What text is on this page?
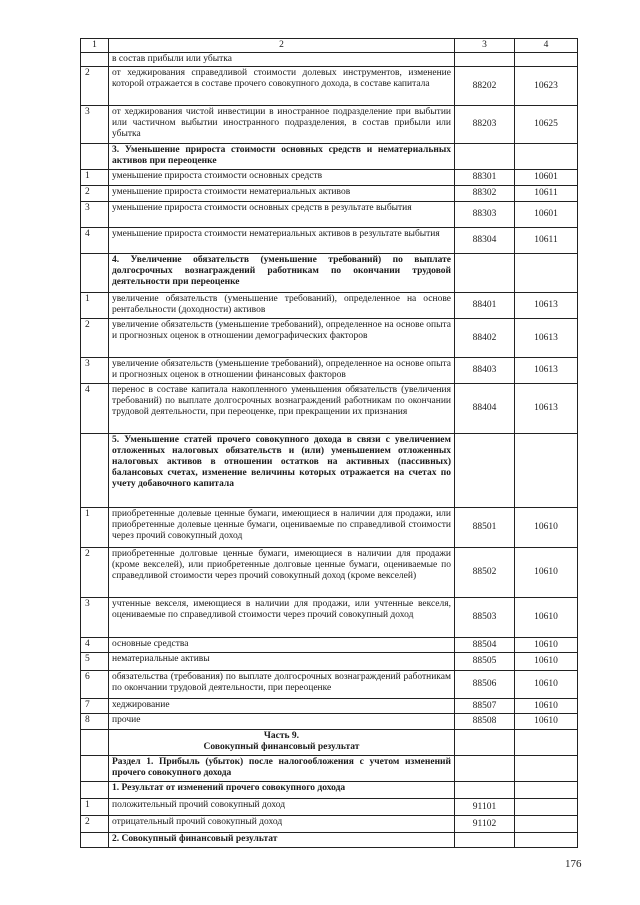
1	2	3	4
	в состав прибыли или убытка		
2	от хеджирования справедливой стоимости долевых инструментов, изменение которой отражается в составе прочего совокупного дохода, в составе капитала	88202	10623
3	от хеджирования чистой инвестиции в иностранное подразделение при выбытии или частичном выбытии иностранного подразделения, в состав прибыли или убытка	88203	10625
	3. Уменьшение прироста стоимости основных средств и нематериальных активов при переоценке		
1	уменьшение прироста стоимости основных средств	88301	10601
2	уменьшение прироста стоимости нематериальных активов	88302	10611
3	уменьшение прироста стоимости основных средств в результате выбытия	88303	10601
4	уменьшение прироста стоимости нематериальных активов в результате выбытия	88304	10611
	4. Увеличение обязательств (уменьшение требований) по выплате долгосрочных вознаграждений работникам по окончании трудовой деятельности при переоценке		
1	увеличение обязательств (уменьшение требований), определенное на основе рентабельности (доходности) активов	88401	10613
2	увеличение обязательств (уменьшение требований), определенное на основе опыта и прогнозных оценок в отношении демографических факторов	88402	10613
3	увеличение обязательств (уменьшение требований), определенное на основе опыта и прогнозных оценок в отношении финансовых факторов	88403	10613
4	перенос в составе капитала накопленного уменьшения обязательств (увеличения требований) по выплате долгосрочных вознаграждений работникам по окончании трудовой деятельности, при переоценке, при прекращении их признания	88404	10613
	5. Уменьшение статей прочего совокупного дохода в связи с увеличением отложенных налоговых обязательств и (или) уменьшением отложенных налоговых активов в отношении остатков на активных (пассивных) балансовых счетах, изменение величины которых отражается на счетах по учету добавочного капитала		
1	приобретенные долевые ценные бумаги, имеющиеся в наличии для продажи, или приобретенные долевые ценные бумаги, оцениваемые по справедливой стоимости через прочий совокупный доход	88501	10610
2	приобретенные долговые ценные бумаги, имеющиеся в наличии для продажи (кроме векселей), или приобретенные долговые ценные бумаги, оцениваемые по справедливой стоимости через прочий совокупный доход (кроме векселей)	88502	10610
3	учтенные векселя, имеющиеся в наличии для продажи, или учтенные векселя, оцениваемые по справедливой стоимости через прочий совокупный доход	88503	10610
4	основные средства	88504	10610
5	нематериальные активы	88505	10610
6	обязательства (требования) по выплате долгосрочных вознаграждений работникам по окончании трудовой деятельности, при переоценке	88506	10610
7	хеджирование	88507	10610
8	прочие	88508	10610
	Часть 9.
Совокупный финансовый результат		
	Раздел 1. Прибыль (убыток) после налогообложения с учетом изменений прочего совокупного дохода		
	1. Результат от изменений прочего совокупного дохода		
1	положительный прочий совокупный доход	91101	
2	отрицательный прочий совокупный доход	91102	
	2. Совокупный финансовый результат		
176
